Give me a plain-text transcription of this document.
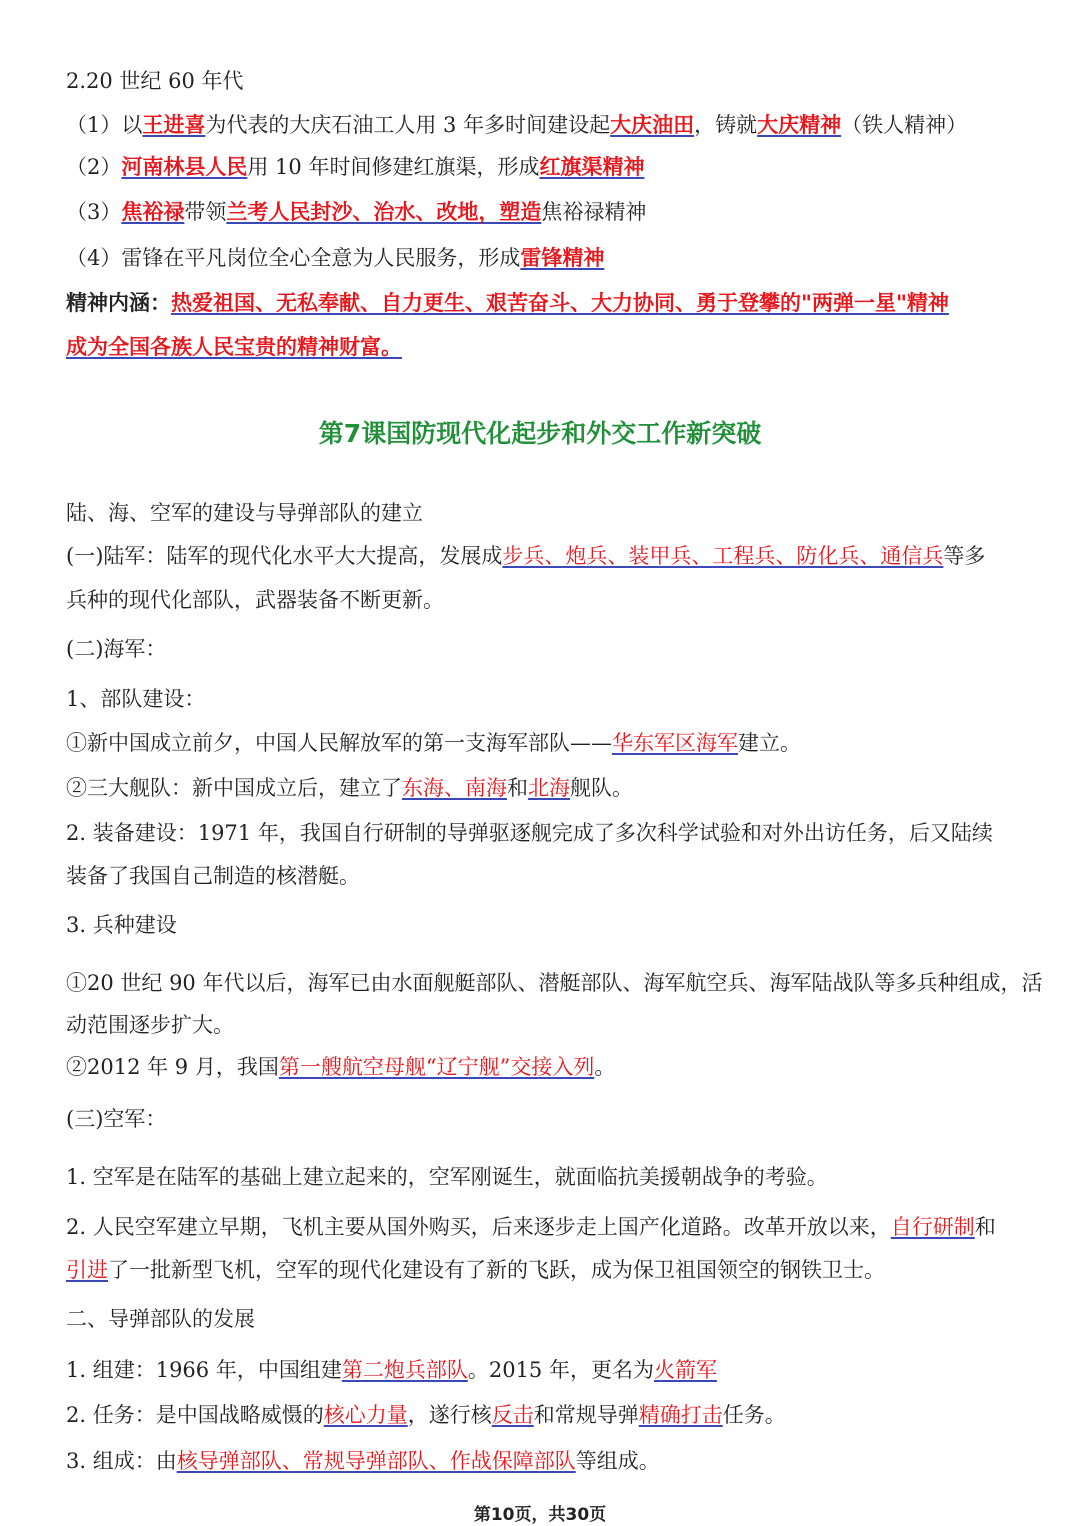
2.20 世纪 60 年代
（1）以王进喜为代表的大庆石油工人用 3 年多时间建设起大庆油田，铸就大庆精神（铁人精神）
（2）河南林县人民用 10 年时间修建红旗渠，形成红旗渠精神
（3）焦裕禄带领兰考人民封沙、治水、改地，塑造焦裕禄精神
（4）雷锋在平凡岗位全心全意为人民服务，形成雷锋精神
精神内涵：热爱祖国、无私奉献、自力更生、艰苦奋斗、大力协同、勇于登攀的"两弹一星"精神
成为全国各族人民宝贵的精神财富。
陆、海、空军的建设与导弹部队的建立
(一)陆军：陆军的现代化水平大大提高，发展成步兵、炮兵、装甲兵、工程兵、防化兵、通信兵等多
兵种的现代化部队，武器装备不断更新。
(二)海军：
1、部队建设：
①新中国成立前夕，中国人民解放军的第一支海军部队——华东军区海军建立。
②三大舰队：新中国成立后，建立了东海、南海和北海舰队。
2. 装备建设：1971 年，我国自行研制的导弹驱逐舰完成了多次科学试验和对外出访任务，后又陆续
装备了我国自己制造的核潜艇。
3. 兵种建设
①20 世纪 90 年代以后，海军已由水面舰艇部队、潜艇部队、海军航空兵、海军陆战队等多兵种组成，活
动范围逐步扩大。
②2012 年 9 月，我国第一艘航空母舰“辽宁舰”交接入列。
(三)空军：
1. 空军是在陆军的基础上建立起来的，空军刚诞生，就面临抗美援朝战争的考验。
2. 人民空军建立早期，飞机主要从国外购买，后来逐步走上国产化道路。改革开放以来，自行研制和
引进了一批新型飞机，空军的现代化建设有了新的飞跃，成为保卫祖国领空的钢铁卫士。
二、导弹部队的发展
1. 组建：1966 年，中国组建第二炮兵部队。2015 年，更名为火箭军
2. 任务：是中国战略威慑的核心力量，遂行核反击和常规导弹精确打击任务。
3. 组成：由核导弹部队、常规导弹部队、作战保障部队等组成。
第7课国防现代化起步和外交工作新突破
第10页，共30页
